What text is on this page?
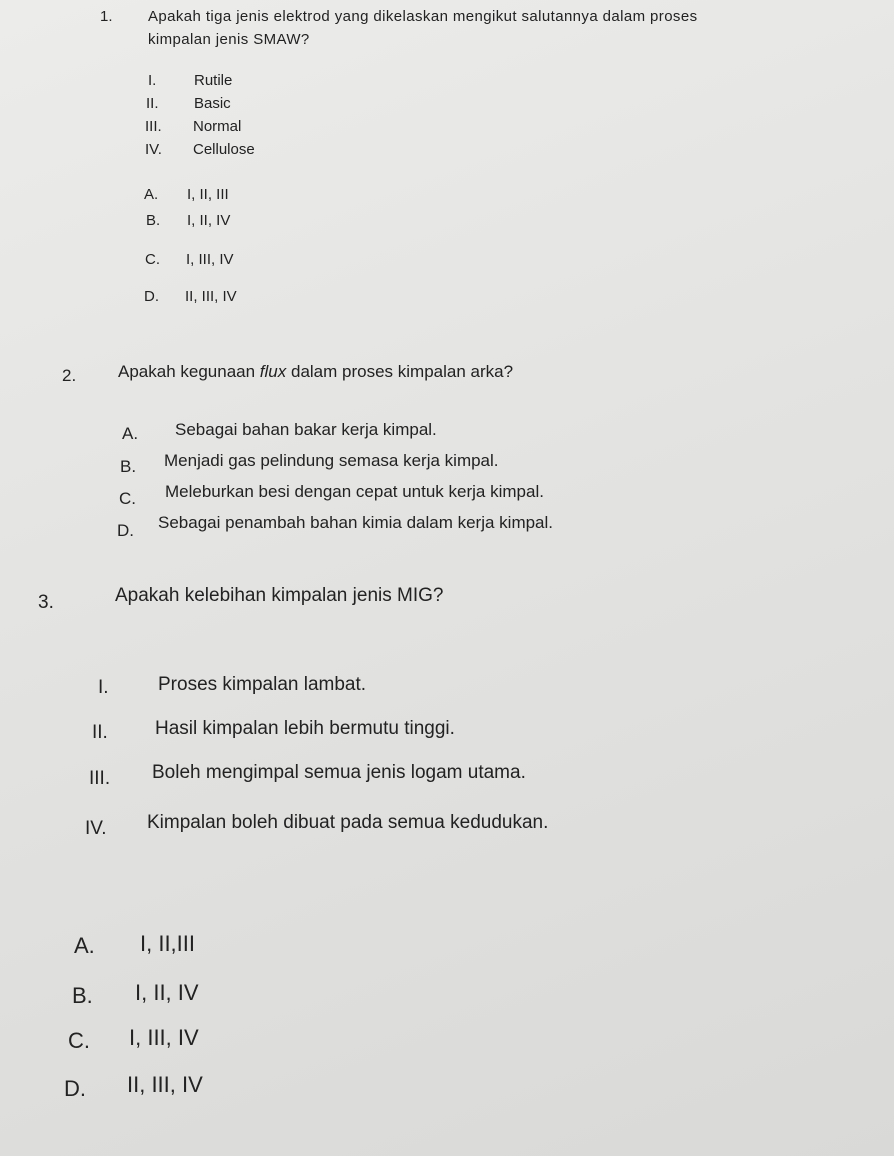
1. Apakah tiga jenis elektrod yang dikelaskan mengikut salutannya dalam proses
kimpalan jenis SMAW?
I.	Rutile
II. Basic
III. Normal
IV. Cellulose
A. I, II, III
B. I, II, IV
C. I, III, IV
D. II, III, IV
2. Apakah kegunaan flux dalam proses kimpalan arka?
A. Sebagai bahan bakar kerja kimpal.
B. Menjadi gas pelindung semasa kerja kimpal.
C. Meleburkan besi dengan cepat untuk kerja kimpal.
D. Sebagai penambah bahan kimia dalam kerja kimpal.
3.	Apakah kelebihan kimpalan jenis MIG?
I.	Proses kimpalan lambat.
II. Hasil kimpalan lebih bermutu tinggi.
III. Boleh mengimpal semua jenis logam utama.
IV. Kimpalan boleh dibuat pada semua kedudukan.
A. I, II,III
B. I, II, IV
C. I, III, IV
D. II, III, IV
